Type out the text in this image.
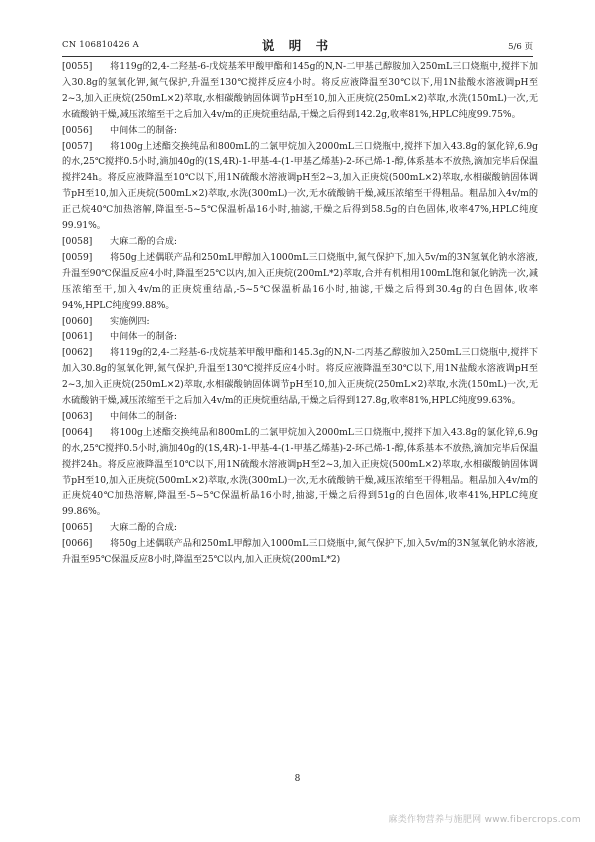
CN 106810426 A	说 明 书	5/6 页

[0055] 将119g的2,4-二羟基-6-戊烷基苯甲酸甲酯和145g的N,N-二甲基己醇胺加入250mL三口烧瓶中,搅拌下加入30.8g的氢氧化钾,氮气保护,升温至130℃搅拌反应4小时。将反应液降温至30℃以下,用1N盐酸水溶液调pH至2~3,加入正庚烷(250mL×2)萃取,水相碳酸钠固体调节pH至10,加入正庚烷(250mL×2)萃取,水洗(150mL)一次,无水硫酸钠干燥,减压浓缩至干之后加入4v/m的正庚烷重结晶,干燥之后得到142.2g,收率81%,HPLC纯度99.75%。

[0056] 中间体二的制备:

[0057] 将100g上述酯交换纯品和800mL的二氯甲烷加入2000mL三口烧瓶中,搅拌下加入43.8g的氯化锌,6.9g的水,25℃搅拌0.5小时,滴加40g的(1S,4R)-1-甲基-4-(1-甲基乙烯基)-2-环己烯-1-醇,体系基本不放热,滴加完毕后保温搅拌24h。将反应液降温至10℃以下,用1N硫酸水溶液调pH至2~3,加入正庚烷(500mL×2)萃取,水相碳酸钠固体调节pH至10,加入正庚烷(500mL×2)萃取,水洗(300mL)一次,无水硫酸钠干燥,减压浓缩至干得粗品。粗品加入4v/m的正己烷40℃加热溶解,降温至-5~5℃保温析晶16小时,抽滤,干燥之后得到58.5g的白色固体,收率47%,HPLC纯度99.91%。

[0058] 大麻二酚的合成:

[0059] 将50g上述偶联产品和250mL甲醇加入1000mL三口烧瓶中,氮气保护下,加入5v/m的3N氢氧化钠水溶液,升温至90℃保温反应4小时,降温至25℃以内,加入正庚烷(200mL*2)萃取,合并有机相用100mL饱和氯化钠洗一次,减压浓缩至干,加入4v/m的正庚烷重结晶,-5~5℃保温析晶16小时,抽滤,干燥之后得到30.4g的白色固体,收率94%,HPLC纯度99.88%。

[0060] 实施例四:

[0061] 中间体一的制备:

[0062] 将119g的2,4-二羟基-6-戊烷基苯甲酸甲酯和145.3g的N,N-二丙基乙醇胺加入250mL三口烧瓶中,搅拌下加入30.8g的氢氧化钾,氮气保护,升温至130℃搅拌反应4小时。将反应液降温至30℃以下,用1N盐酸水溶液调pH至2~3,加入正庚烷(250mL×2)萃取,水相碳酸钠固体调节pH至10,加入正庚烷(250mL×2)萃取,水洗(150mL)一次,无水硫酸钠干燥,减压浓缩至干之后加入4v/m的正庚烷重结晶,干燥之后得到127.8g,收率81%,HPLC纯度99.63%。

[0063] 中间体二的制备:

[0064] 将100g上述酯交换纯品和800mL的二氯甲烷加入2000mL三口烧瓶中,搅拌下加入43.8g的氯化锌,6.9g的水,25℃搅拌0.5小时,滴加40g的(1S,4R)-1-甲基-4-(1-甲基乙烯基)-2-环己烯-1-醇,体系基本不放热,滴加完毕后保温搅拌24h。将反应液降温至10℃以下,用1N硫酸水溶液调pH至2~3,加入正庚烷(500mL×2)萃取,水相碳酸钠固体调节pH至10,加入正庚烷(500mL×2)萃取,水洗(300mL)一次,无水硫酸钠干燥,减压浓缩至干得粗品。粗品加入4v/m的正庚烷40℃加热溶解,降温至-5~5℃保温析晶16小时,抽滤,干燥之后得到51g的白色固体,收率41%,HPLC纯度99.86%。

[0065] 大麻二酚的合成:

[0066] 将50g上述偶联产品和250mL甲醇加入1000mL三口烧瓶中,氮气保护下,加入5v/m的3N氢氧化钠水溶液,升温至95℃保温反应8小时,降温至25℃以内,加入正庚烷(200mL*2)

8
麻类作物营养与施肥网 www.fibercrops.com
